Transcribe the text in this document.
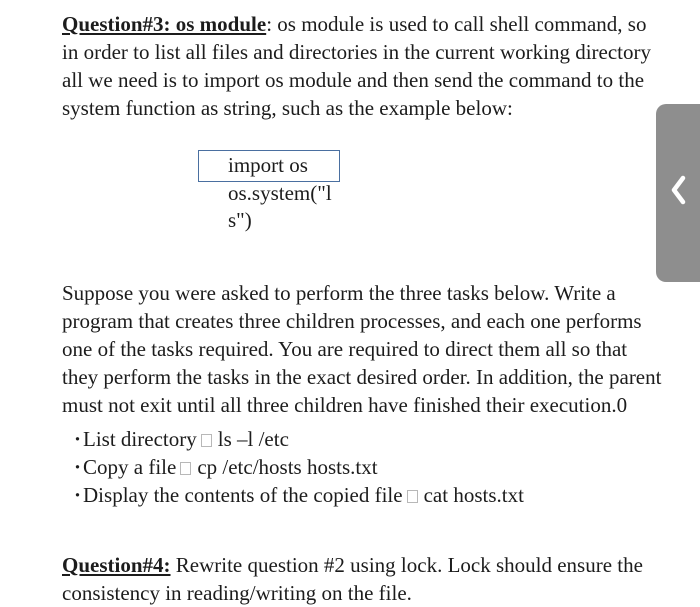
Question#3: os module: os module is used to call shell command, so in order to list all files and directories in the current working directory all we need is to import os module and then send the command to the system function as string, such as the example below:

import os
os.system("l
s")

Suppose you were asked to perform the three tasks below. Write a program that creates three children processes, and each one performs one of the tasks required. You are required to direct them all so that they perform the tasks in the exact desired order. In addition, the parent must not exit until all three children have finished their execution.0

·List directory ls –l /etc
·Copy a file cp /etc/hosts hosts.txt
·Display the contents of the copied file cat hosts.txt

Question#4: Rewrite question #2 using lock. Lock should ensure the consistency in reading/writing on the file.
